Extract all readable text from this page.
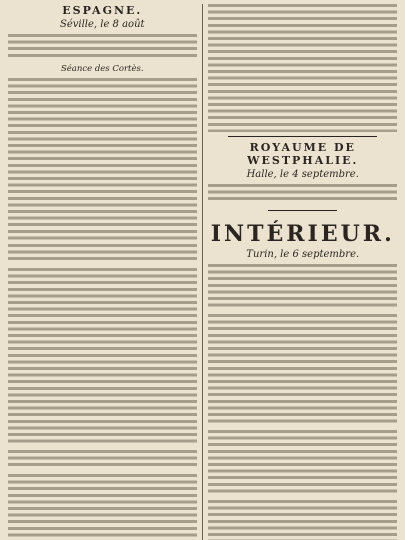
ESPAGNE.
Séville, le 8 août
Séance des Cortès.
ROYAUME DE WESTPHALIE.
Halle, le 4 septembre.
INTÉRIEUR.
Turin, le 6 septembre.
